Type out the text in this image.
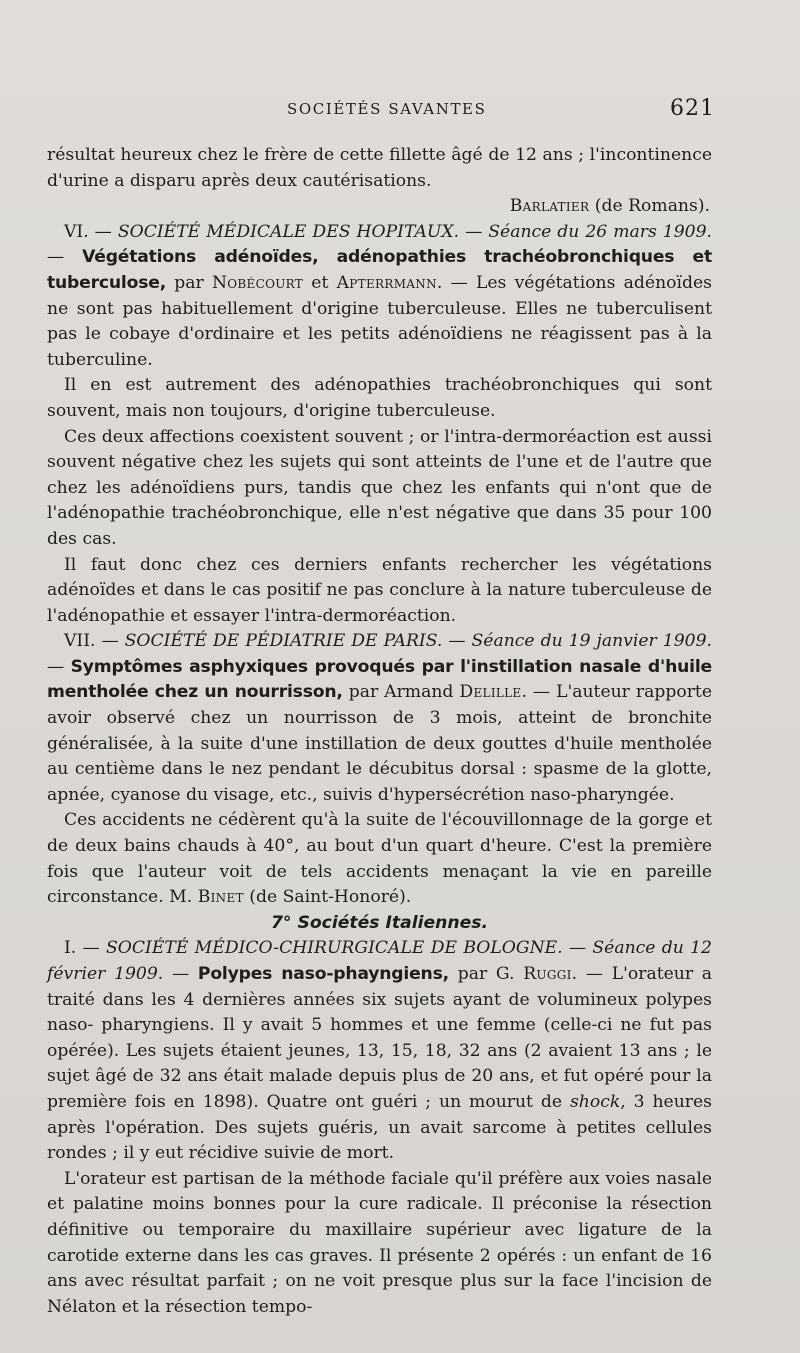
SOCIÉTÉS SAVANTES	621

résultat heureux chez le frère de cette fillette âgé de 12 ans ; l'incontinence d'urine a disparu après deux cautérisations.

Barlatier (de Romans).

VI. — SOCIÉTÉ MÉDICALE DES HOPITAUX. — Séance du 26 mars 1909. — Végétations adénoïdes, adénopathies trachéobronchiques et tuberculose, par Nobécourt et Apterrmann. — Les végétations adénoïdes ne sont pas habituellement d'origine tuberculeuse. Elles ne tuberculisent pas le cobaye d'ordinaire et les petits adénoïdiens ne réagissent pas à la tuberculine.

Il en est autrement des adénopathies trachéobronchiques qui sont souvent, mais non toujours, d'origine tuberculeuse.

Ces deux affections coexistent souvent ; or l'intra-dermoréaction est aussi souvent négative chez les sujets qui sont atteints de l'une et de l'autre que chez les adénoïdiens purs, tandis que chez les enfants qui n'ont que de l'adénopathie trachéobronchique, elle n'est négative que dans 35 pour 100 des cas.

Il faut donc chez ces derniers enfants rechercher les végétations adénoïdes et dans le cas positif ne pas conclure à la nature tuberculeuse de l'adénopathie et essayer l'intra-dermoréaction.

VII. — SOCIÉTÉ DE PÉDIATRIE DE PARIS. — Séance du 19 janvier 1909. — Symptômes asphyxiques provoqués par l'instillation nasale d'huile mentholée chez un nourrisson, par Armand Delille. — L'auteur rapporte avoir observé chez un nourrisson de 3 mois, atteint de bronchite généralisée, à la suite d'une instillation de deux gouttes d'huile mentholée au centième dans le nez pendant le décubitus dorsal : spasme de la glotte, apnée, cyanose du visage, etc., suivis d'hypersécrétion naso-pharyngée.

Ces accidents ne cédèrent qu'à la suite de l'écouvillonnage de la gorge et de deux bains chauds à 40°, au bout d'un quart d'heure. C'est la première fois que l'auteur voit de tels accidents menaçant la vie en pareille circonstance. M. Binet (de Saint-Honoré).

7° Sociétés Italiennes.

I. — SOCIÉTÉ MÉDICO-CHIRURGICALE DE BOLOGNE. — Séance du 12 février 1909. — Polypes naso-phayngiens, par G. Ruggi. — L'orateur a traité dans les 4 dernières années six sujets ayant de volumineux polypes naso- pharyngiens. Il y avait 5 hommes et une femme (celle-ci ne fut pas opérée). Les sujets étaient jeunes, 13, 15, 18, 32 ans (2 avaient 13 ans ; le sujet âgé de 32 ans était malade depuis plus de 20 ans, et fut opéré pour la première fois en 1898). Quatre ont guéri ; un mourut de shock, 3 heures après l'opération. Des sujets guéris, un avait sarcome à petites cellules rondes ; il y eut récidive suivie de mort.

L'orateur est partisan de la méthode faciale qu'il préfère aux voies nasale et palatine moins bonnes pour la cure radicale. Il préconise la résection définitive ou temporaire du maxillaire supérieur avec ligature de la carotide externe dans les cas graves. Il présente 2 opérés : un enfant de 16 ans avec résultat parfait ; on ne voit presque plus sur la face l'incision de Nélaton et la résection tempo-
